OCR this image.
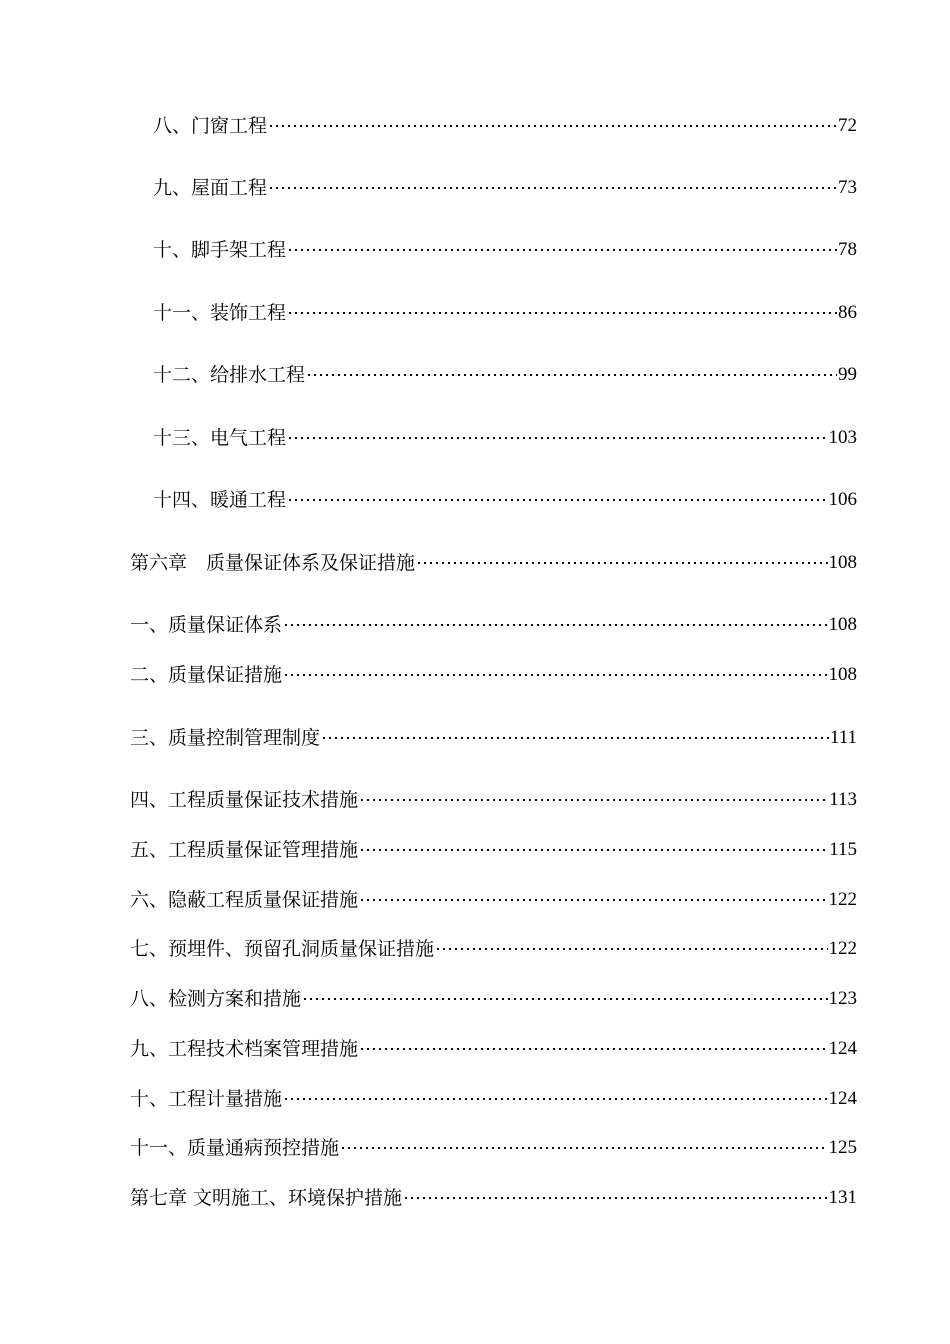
八、门窗工程	72
九、屋面工程	73
十、脚手架工程	78
十一、装饰工程	86
十二、给排水工程	99
十三、电气工程	103
十四、暖通工程	106
第六章　质量保证体系及保证措施	108
一、质量保证体系	108
二、质量保证措施	108
三、质量控制管理制度	111
四、工程质量保证技术措施	113
五、工程质量保证管理措施	115
六、隐蔽工程质量保证措施	122
七、预埋件、预留孔洞质量保证措施	122
八、检测方案和措施	123
九、工程技术档案管理措施	124
十、工程计量措施	124
十一、质量通病预控措施	125
第七章 文明施工、环境保护措施	131
